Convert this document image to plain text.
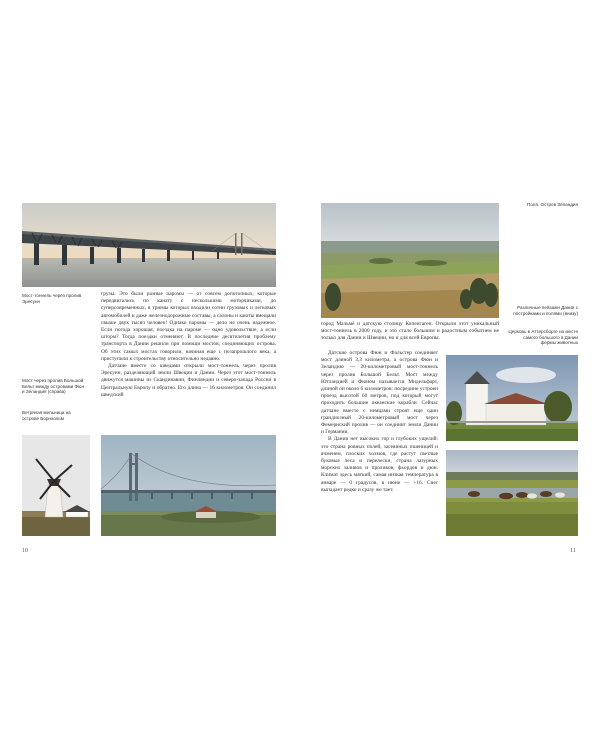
Мост-тоннель через пролив Эресунн
Мост через пролив Большой Бельт между островами Фюн и Зеландия (справа)
Ветряная мельница на острове Борнхольм

грузы. Это были разные паромы — от совсем допотопных, которые передвигались по канату с несколькими моторчиками, до суперсовременных, в трюмы которых входили сотни грузовых и легковых автомобилей и даже железнодорожные составы, а салоны и каюты вмещали свыше двух тысяч человек! Однако паромы — дело не очень надежное. Если погода хорошая, поездка на пароме — одно удовольствие, а если шторм? Тогда поездки отменяют. В последние десятилетия проблему транспорта в Дании решили при помощи мостов, соединяющих острова. Об этих самых мостах говорили, начиная еще с позапрошлого века, а приступили к строительству относительно недавно.

Датчане вместе со шведами открыли мост-тоннель через пролив Эресунн, разделяющий земли Швеции и Дании. Через этот мост-тоннель движутся машины из Скандинавии, Финляндии и северо-запада России в Центральную Европу и обратно. Его длина — 16 километров. Он соединил шведский

10
Поля. Остров Зеландия
Различные пейзажи Дании с постройками и полями (внизу)
Церковь в Аттерсборге на месте самого большого в Дании фермы животных

город Мальмё и датскую столицу Копенгаген. Открыли этот уникальный мост-тоннель в 2000 году, и это стало большим и радостным событием не только для Дании и Швеции, но и для всей Европы.

Датские острова Фюн и Фальстер соединяет мост длиной 3,3 километра, а острова Фюн и Зеландию — 20-километровый мост-тоннель через пролив Большой Бельт. Мост между Ютландией и Фюном называется Мидельфарт, длиной он около 6 километров: посредине устроен проезд высотой 60 метров, под который могут проходить большие океанские корабли. Сейчас датчане вместе с немцами строят еще один грандиозный 20-километровый мост через Фемернский пролив — он соединит земли Дании и Германии.

В Дании нет высоких гор и глубоких ущелий: это страна ровных полей, засеянных пшеницей и ячменем, плоских холмов, где растут светлые буковые леса и перелески, страна лазурных морских заливов и проливов, фьордов и дюн. Климат здесь мягкий, самая низкая температура в январе — 0 градусов, в июне — +16. Снег выпадает редко и сразу же тает.

11
